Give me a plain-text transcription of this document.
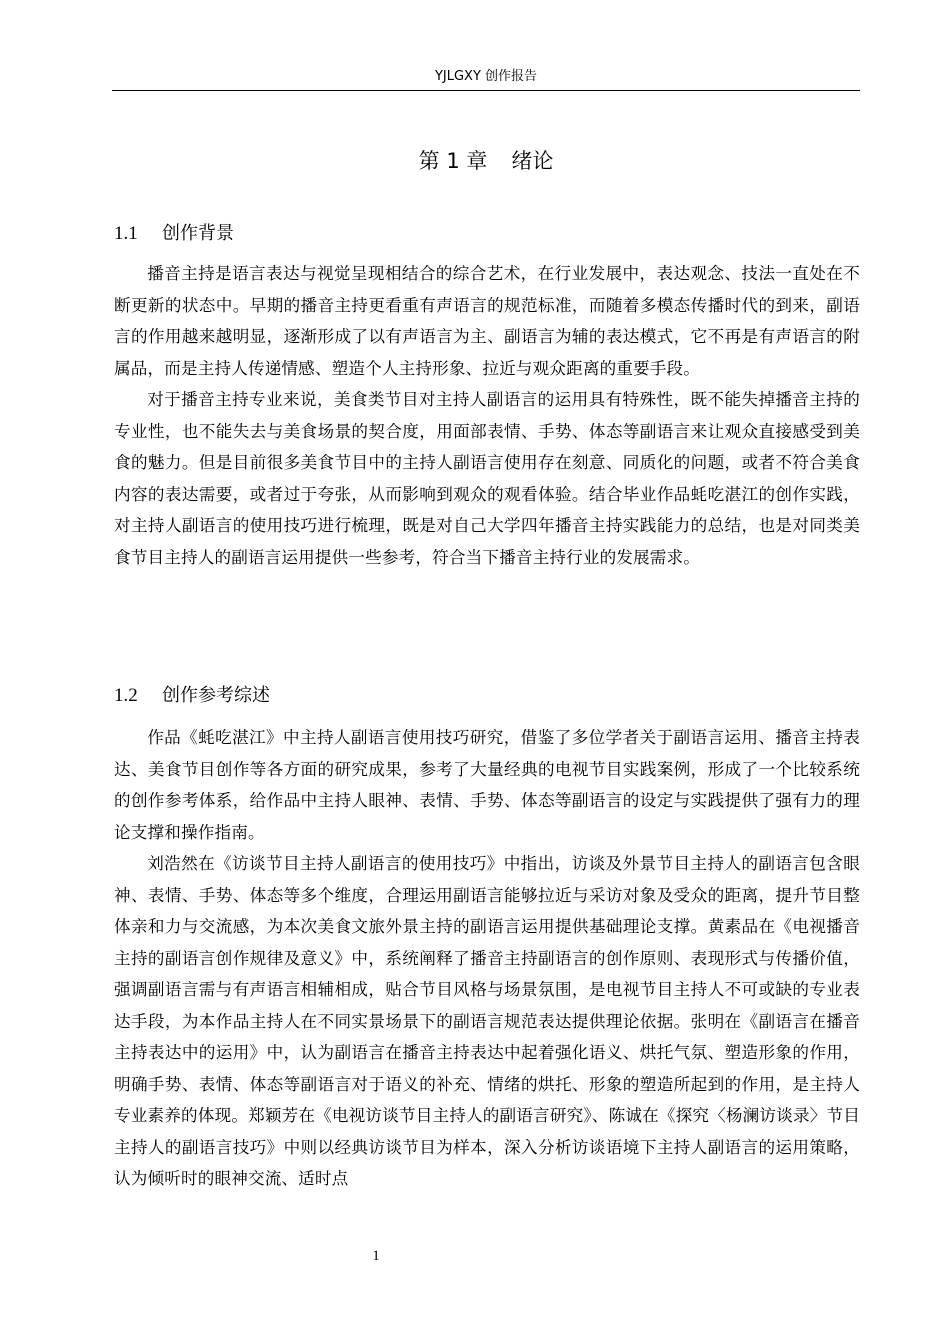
YJLGXY 创作报告
第 1 章 绪论
1.1 创作背景

播音主持是语言表达与视觉呈现相结合的综合艺术，在行业发展中，表达观念、技法一直处在不断更新的状态中。早期的播音主持更看重有声语言的规范标准，而随着多模态传播时代的到来，副语言的作用越来越明显，逐渐形成了以有声语言为主、副语言为辅的表达模式，它不再是有声语言的附属品，而是主持人传递情感、塑造个人主持形象、拉近与观众距离的重要手段。

对于播音主持专业来说，美食类节目对主持人副语言的运用具有特殊性，既不能失掉播音主持的专业性，也不能失去与美食场景的契合度，用面部表情、手势、体态等副语言来让观众直接感受到美食的魅力。但是目前很多美食节目中的主持人副语言使用存在刻意、同质化的问题，或者不符合美食内容的表达需要，或者过于夸张，从而影响到观众的观看体验。结合毕业作品蚝吃湛江的创作实践，对主持人副语言的使用技巧进行梳理，既是对自己大学四年播音主持实践能力的总结，也是对同类美食节目主持人的副语言运用提供一些参考，符合当下播音主持行业的发展需求。

1.2 创作参考综述

作品《蚝吃湛江》中主持人副语言使用技巧研究，借鉴了多位学者关于副语言运用、播音主持表达、美食节目创作等各方面的研究成果，参考了大量经典的电视节目实践案例，形成了一个比较系统的创作参考体系，给作品中主持人眼神、表情、手势、体态等副语言的设定与实践提供了强有力的理论支撑和操作指南。

刘浩然在《访谈节目主持人副语言的使用技巧》中指出，访谈及外景节目主持人的副语言包含眼神、表情、手势、体态等多个维度，合理运用副语言能够拉近与采访对象及受众的距离，提升节目整体亲和力与交流感，为本次美食文旅外景主持的副语言运用提供基础理论支撑。黄素品在《电视播音主持的副语言创作规律及意义》中，系统阐释了播音主持副语言的创作原则、表现形式与传播价值，强调副语言需与有声语言相辅相成，贴合节目风格与场景氛围，是电视节目主持人不可或缺的专业表达手段，为本作品主持人在不同实景场景下的副语言规范表达提供理论依据。张明在《副语言在播音主持表达中的运用》中，认为副语言在播音主持表达中起着强化语义、烘托气氛、塑造形象的作用，明确手势、表情、体态等副语言对于语义的补充、情绪的烘托、形象的塑造所起到的作用，是主持人专业素养的体现。郑颖芳在《电视访谈节目主持人的副语言研究》、陈诚在《探究〈杨澜访谈录〉节目主持人的副语言技巧》中则以经典访谈节目为样本，深入分析访谈语境下主持人副语言的运用策略，认为倾听时的眼神交流、适时点

1
